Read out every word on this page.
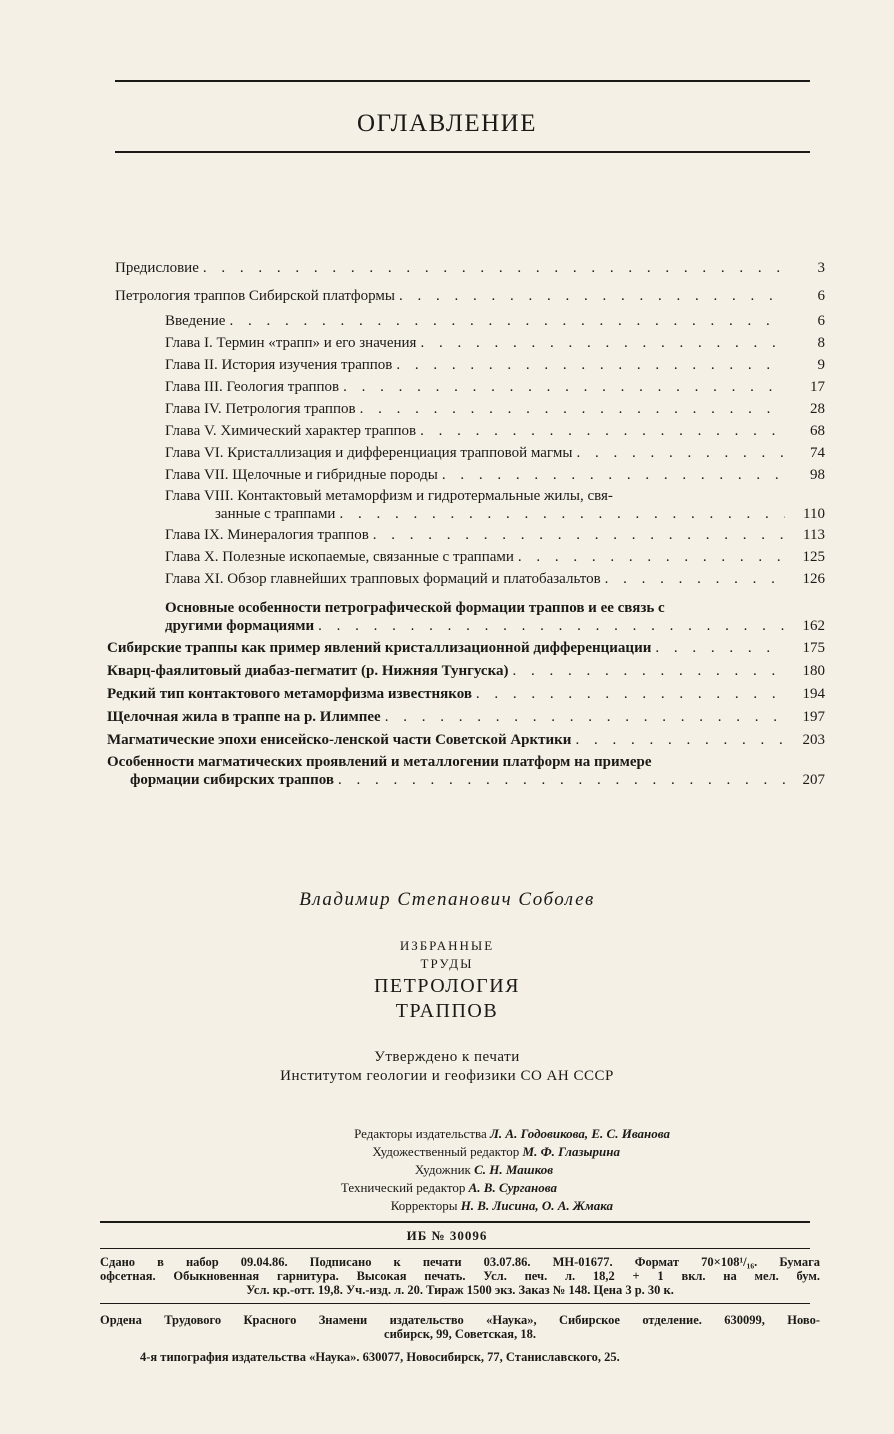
ОГЛАВЛЕНИЕ
Предисловие . . .	3
Петрология траппов Сибирской платформы . . .	6
Введение . . .	6
Глава I. Термин «трапп» и его значения . . .	8
Глава II. История изучения траппов . . .	9
Глава III. Геология траппов . . .	17
Глава IV. Петрология траппов . . .	28
Глава V. Химический характер траппов . . .	68
Глава VI. Кристаллизация и дифференциация трапповой магмы . . .	74
Глава VII. Щелочные и гибридные породы . . .	98
Глава VIII. Контактовый метаморфизм и гидротермальные жилы, свя-
занные с траппами . . .	110
Глава IX. Минералогия траппов . . .	113
Глава X. Полезные ископаемые, связанные с траппами . . .	125
Глава XI. Обзор главнейших трапповых формаций и платобазальтов . . .	126
Основные особенности петрографической формации траппов и ее связь с
другими формациями . . .	162
Сибирские траппы как пример явлений кристаллизационной дифференциации . . .	175
Кварц-фаялитовый диабаз-пегматит (р. Нижняя Тунгуска) . . .	180
Редкий тип контактового метаморфизма известняков . . .	194
Щелочная жила в траппе на р. Илимпее . . .	197
Магматические эпохи енисейско-ленской части Советской Арктики . . .	203
Особенности магматических проявлений и металлогении платформ на примере
формации сибирских траппов . . .	207
Владимир Степанович Соболев
ИЗБРАННЫЕ
ТРУДЫ
ПЕТРОЛОГИЯ
ТРАППОВ
Утверждено к печати
Институтом геологии и геофизики СО АН СССР
Редакторы издательства Л. А. Годовикова, Е. С. Иванова
Художественный редактор М. Ф. Глазырина
Художник С. Н. Машков
Технический редактор А. В. Сурганова
Корректоры Н. В. Лисина, О. А. Жмака
ИБ № 30096
Сдано в набор 09.04.86. Подписано к печати 03.07.86. МН-01677. Формат 70×108¹/₁₆. Бумага
офсетная. Обыкновенная гарнитура. Высокая печать. Усл. печ. л. 18,2 + 1 вкл. на мел. бум.
Усл. кр.-отт. 19,8. Уч.-изд. л. 20. Тираж 1500 экз. Заказ № 148. Цена 3 р. 30 к.
Ордена Трудового Красного Знамени издательство «Наука», Сибирское отделение. 630099, Ново-
сибирск, 99, Советская, 18.
4-я типография издательства «Наука». 630077, Новосибирск, 77, Станиславского, 25.
